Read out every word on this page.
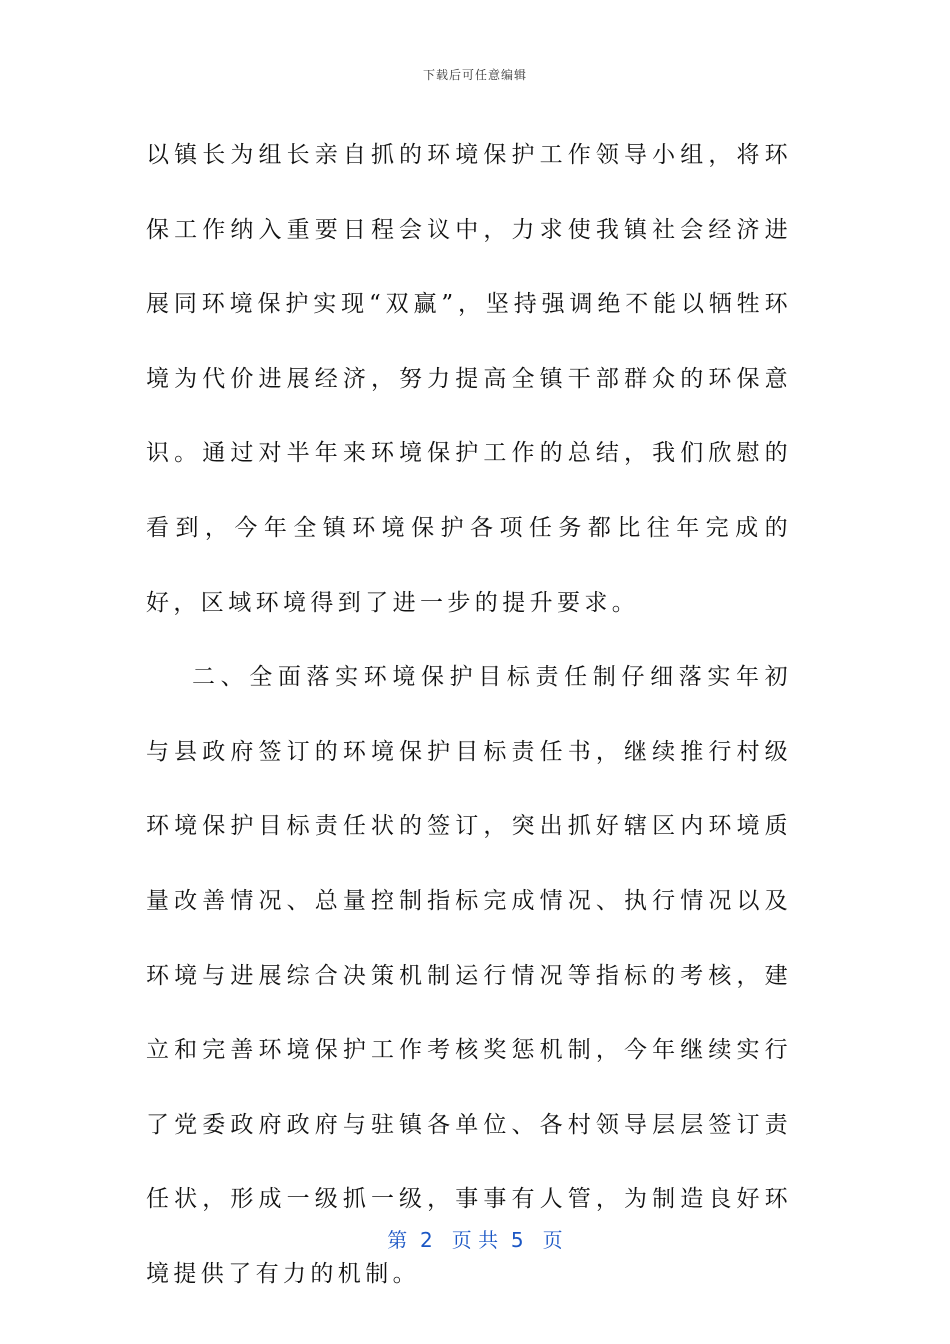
下载后可任意编辑

以镇长为组长亲自抓的环境保护工作领导小组，将环保工作纳入重要日程会议中，力求使我镇社会经济进展同环境保护实现“双赢”，坚持强调绝不能以牺牲环境为代价进展经济，努力提高全镇干部群众的环保意识。通过对半年来环境保护工作的总结，我们欣慰的看到，今年全镇环境保护各项任务都比往年完成的好，区域环境得到了进一步的提升要求。

二、全面落实环境保护目标责任制仔细落实年初与县政府签订的环境保护目标责任书，继续推行村级环境保护目标责任状的签订，突出抓好辖区内环境质量改善情况、总量控制指标完成情况、执行情况以及环境与进展综合决策机制运行情况等指标的考核，建立和完善环境保护工作考核奖惩机制，今年继续实行了党委政府政府与驻镇各单位、各村领导层层签订责任状，形成一级抓一级，事事有人管，为制造良好环境提供了有力的机制。

第  2   页 共  5   页
